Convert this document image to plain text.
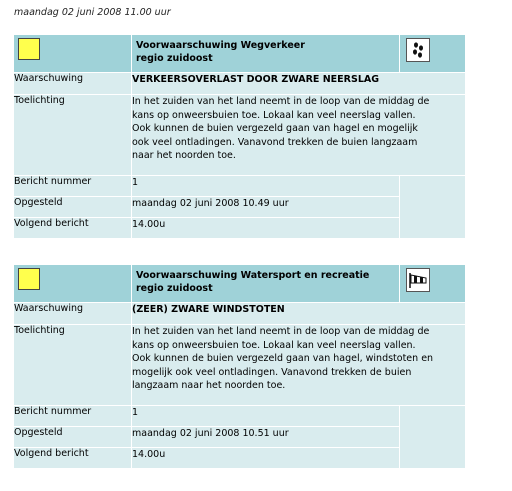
maandag 02 juni 2008 11.00 uur

	Voorwaarschuwing Wegverkeer
regio zuidoost

Waarschuwing	VERKEERSOVERLAST DOOR ZWARE NEERSLAG	
Toelichting	In het zuiden van het land neemt in de loop van de middag de kans op onweersbuien toe. Lokaal kan veel neerslag vallen. Ook kunnen de buien vergezeld gaan van hagel en mogelijk ook veel ontladingen. Vanavond trekken de buien langzaam naar het noorden toe.	
Bericht nummer	1	
Opgesteld	maandag 02 juni 2008 10.49 uur	
Volgend bericht	14.00u	

	Voorwaarschuwing Watersport en recreatie
regio zuidoost

Waarschuwing	(ZEER) ZWARE WINDSTOTEN	
Toelichting	In het zuiden van het land neemt in de loop van de middag de kans op onweersbuien toe. Lokaal kan veel neerslag vallen. Ook kunnen de buien vergezeld gaan van hagel, windstoten en mogelijk ook veel ontladingen. Vanavond trekken de buien langzaam naar het noorden toe.	
Bericht nummer	1	
Opgesteld	maandag 02 juni 2008 10.51 uur	
Volgend bericht	14.00u	
